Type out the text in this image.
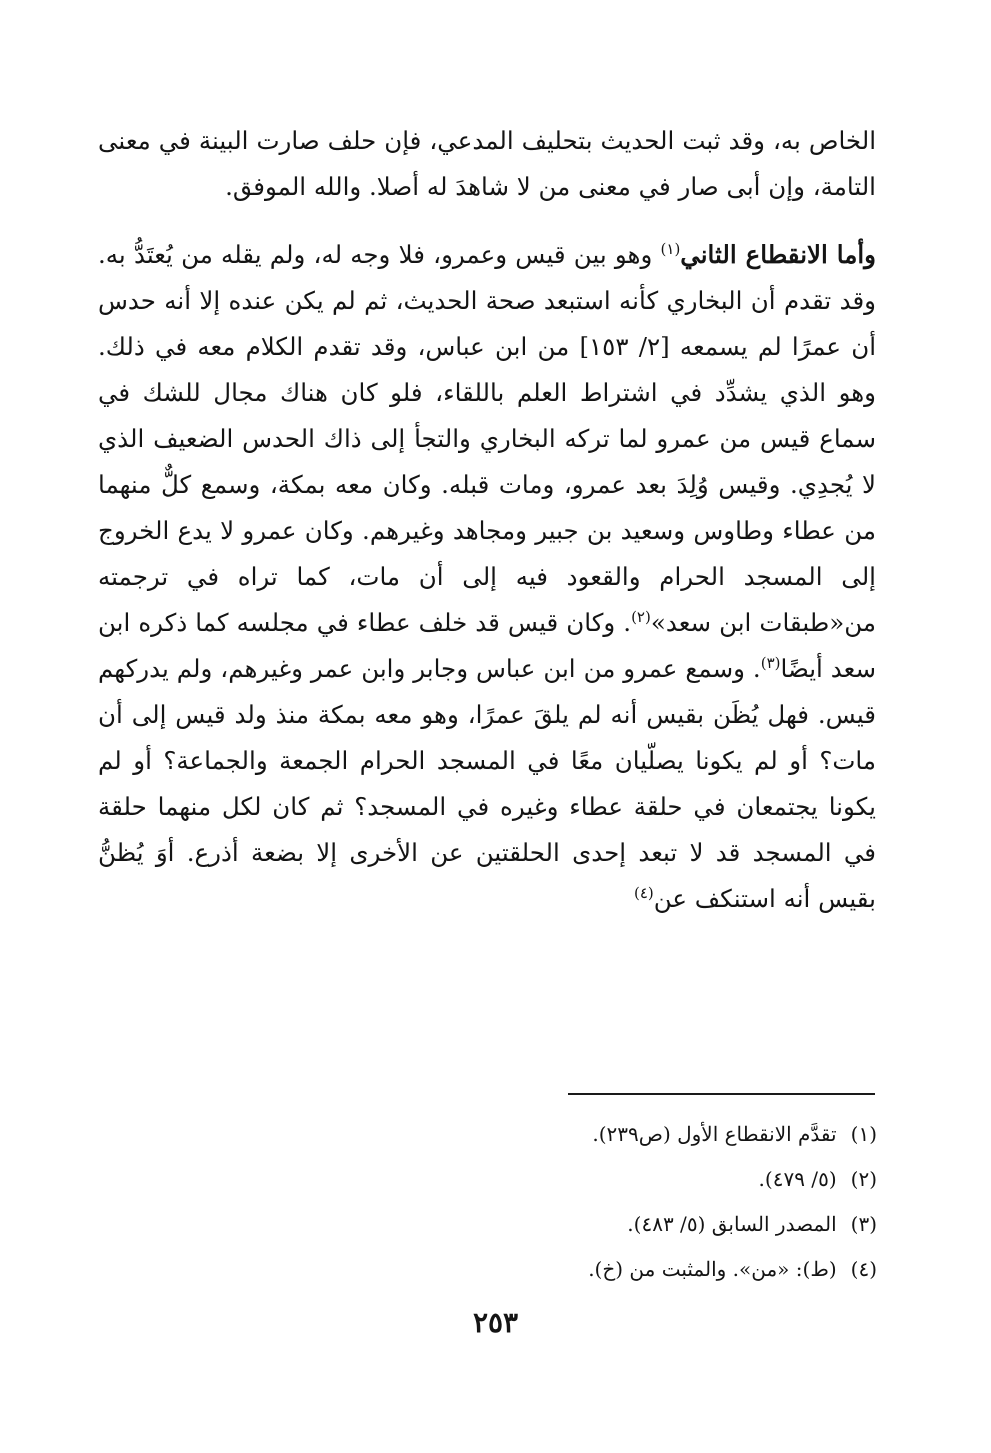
الخاص به، وقد ثبت الحديث بتحليف المدعي، فإن حلف صارت البينة في معنى التامة، وإن أبى صار في معنى من لا شاهدَ له أصلا. والله الموفق.

وأما الانقطاع الثاني$^{(١)}$ وهو بين قيس وعمرو، فلا وجه له، ولم يقله من يُعتَدُّ به. وقد تقدم أن البخاري كأنه استبعد صحة الحديث، ثم لم يكن عنده إلا أنه حدس أن عمرًا لم يسمعه [٢/ ١٥٣] من ابن عباس، وقد تقدم الكلام معه في ذلك. وهو الذي يشدِّد في اشتراط العلم باللقاء، فلو كان هناك مجال للشك في سماع قيس من عمرو لما تركه البخاري والتجأ إلى ذاك الحدس الضعيف الذي لا يُجدِي. وقيس وُلِدَ بعد عمرو، ومات قبله. وكان معه بمكة، وسمع كلٌّ منهما من عطاء وطاوس وسعيد بن جبير ومجاهد وغيرهم. وكان عمرو لا يدع الخروج إلى المسجد الحرام والقعود فيه إلى أن مات، كما تراه في ترجمته من«طبقات ابن سعد»$^{(٢)}$. وكان قيس قد خلف عطاء في مجلسه كما ذكره ابن سعد أيضًا$^{(٣)}$. وسمع عمرو من ابن عباس وجابر وابن عمر وغيرهم، ولم يدركهم قيس. فهل يُظَن بقيس أنه لم يلقَ عمرًا، وهو معه بمكة منذ ولد قيس إلى أن مات؟ أو لم يكونا يصلّيان معًا في المسجد الحرام الجمعة والجماعة؟ أو لم يكونا يجتمعان في حلقة عطاء وغيره في المسجد؟ ثم كان لكل منهما حلقة في المسجد قد لا تبعد إحدى الحلقتين عن الأخرى إلا بضعة أذرع. أوَ يُظنُّ بقيس أنه استنكف عن$^{(٤)}$

(١)تقدَّم الانقطاع الأول (ص٢٣٩).
(٢)(٥/ ٤٧٩).
(٣)المصدر السابق (٥/ ٤٨٣).
(٤)(ط): «من». والمثبت من (خ).
٢٥٣
